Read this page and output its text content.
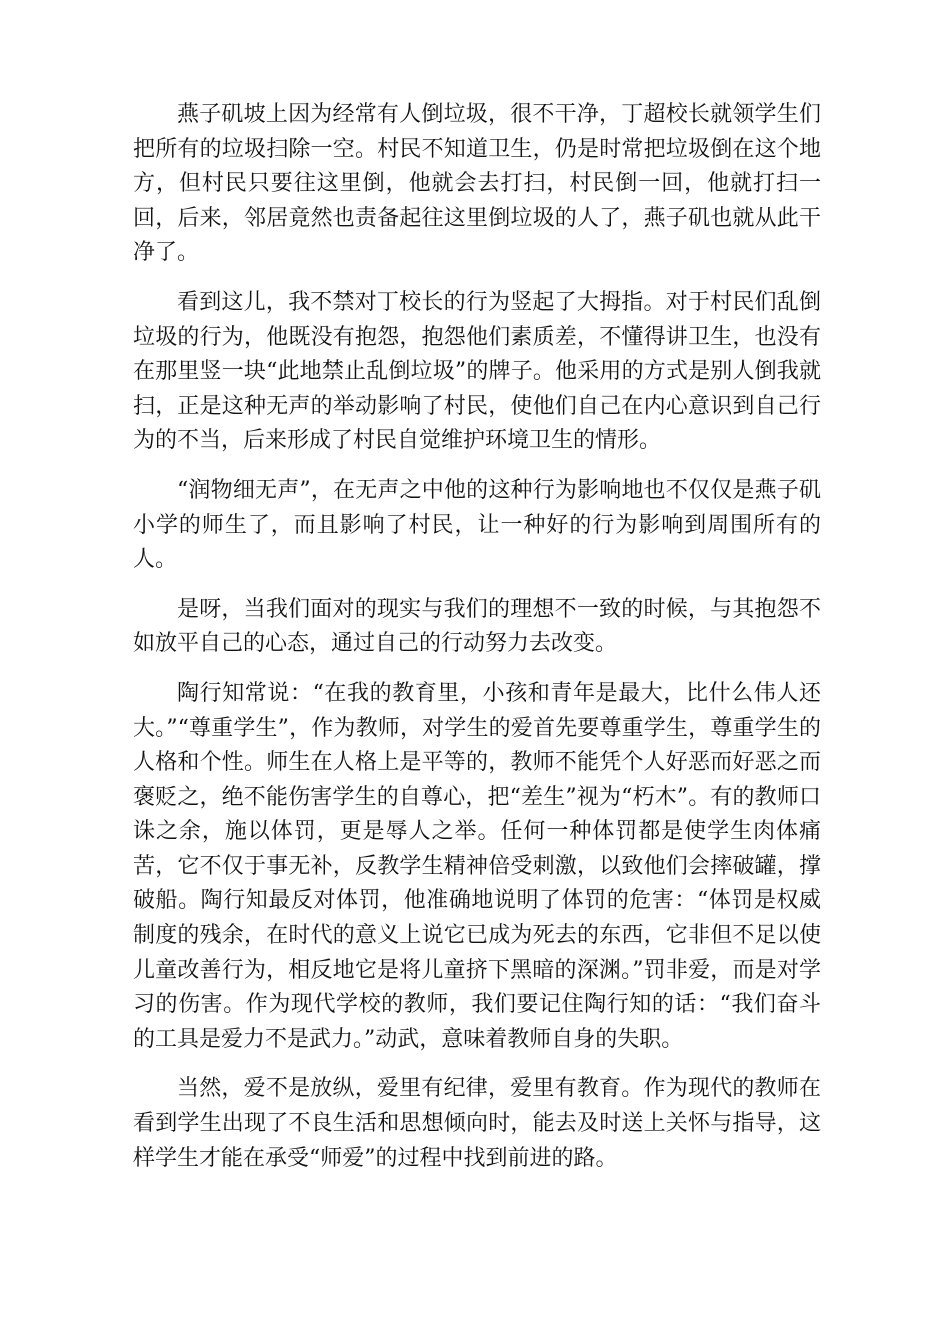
燕子矶坡上因为经常有人倒垃圾，很不干净，丁超校长就领学生们把所有的垃圾扫除一空。村民不知道卫生，仍是时常把垃圾倒在这个地方，但村民只要往这里倒，他就会去打扫，村民倒一回，他就打扫一回，后来，邻居竟然也责备起往这里倒垃圾的人了，燕子矶也就从此干净了。

看到这儿，我不禁对丁校长的行为竖起了大拇指。对于村民们乱倒垃圾的行为，他既没有抱怨，抱怨他们素质差，不懂得讲卫生，也没有在那里竖一块“此地禁止乱倒垃圾”的牌子。他采用的方式是别人倒我就扫，正是这种无声的举动影响了村民，使他们自己在内心意识到自己行为的不当，后来形成了村民自觉维护环境卫生的情形。

“润物细无声”，在无声之中他的这种行为影响地也不仅仅是燕子矶小学的师生了，而且影响了村民，让一种好的行为影响到周围所有的人。

是呀，当我们面对的现实与我们的理想不一致的时候，与其抱怨不如放平自己的心态，通过自己的行动努力去改变。

陶行知常说：“在我的教育里，小孩和青年是最大，比什么伟人还大。”“尊重学生”，作为教师，对学生的爱首先要尊重学生，尊重学生的人格和个性。师生在人格上是平等的，教师不能凭个人好恶而好恶之而褒贬之，绝不能伤害学生的自尊心，把“差生”视为“朽木”。有的教师口诛之余，施以体罚，更是辱人之举。任何一种体罚都是使学生肉体痛苦，它不仅于事无补，反教学生精神倍受刺激，以致他们会摔破罐，撑破船。陶行知最反对体罚，他准确地说明了体罚的危害：“体罚是权威制度的残余，在时代的意义上说它已成为死去的东西，它非但不足以使儿童改善行为，相反地它是将儿童挤下黑暗的深渊。”罚非爱，而是对学习的伤害。作为现代学校的教师，我们要记住陶行知的话：“我们奋斗的工具是爱力不是武力。”动武，意味着教师自身的失职。

当然，爱不是放纵，爱里有纪律，爱里有教育。作为现代的教师在看到学生出现了不良生活和思想倾向时，能去及时送上关怀与指导，这样学生才能在承受“师爱”的过程中找到前进的路。
